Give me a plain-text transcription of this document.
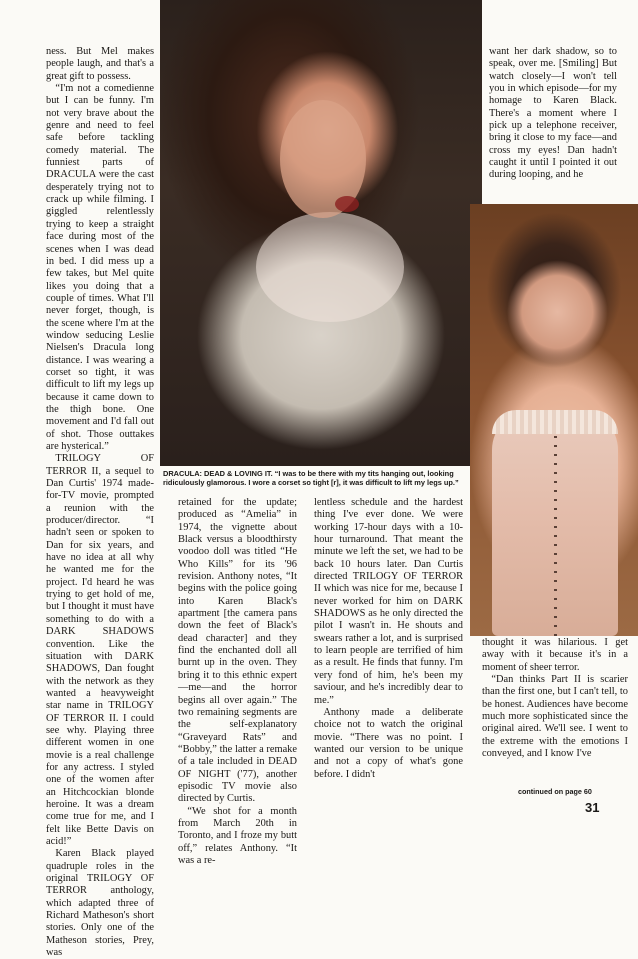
DRACULA: DEAD & LOVING IT. “I was to be there with my tits hanging out, looking ridiculously glamorous. I wore a corset so tight [r], it was difficult to lift my legs up.”

ness. But Mel makes people laugh, and that's a great gift to possess.

“I'm not a comedienne but I can be funny. I'm not very brave about the genre and need to feel safe before tackling comedy material. The funniest parts of DRACULA were the cast desperately trying not to crack up while filming. I giggled relentlessly trying to keep a straight face during most of the scenes when I was dead in bed. I did mess up a few takes, but Mel quite likes you doing that a couple of times. What I'll never forget, though, is the scene where I'm at the window seducing Leslie Nielsen's Dracula long distance. I was wearing a corset so tight, it was difficult to lift my legs up because it came down to the thigh bone. One movement and I'd fall out of shot. Those outtakes are hysterical.”

TRILOGY OF TERROR II, a sequel to Dan Curtis' 1974 made-for-TV movie, prompted a reunion with the producer/director. “I hadn't seen or spoken to Dan for six years, and have no idea at all why he wanted me for the project. I'd heard he was trying to get hold of me, but I thought it must have something to do with a DARK SHADOWS convention. Like the situation with DARK SHADOWS, Dan fought with the network as they wanted a heavyweight star name in TRILOGY OF TERROR II. I could see why. Playing three different women in one movie is a real challenge for any actress. I styled one of the women after an Hitchcockian blonde heroine. It was a dream come true for me, and I felt like Bette Davis on acid!”

Karen Black played quadruple roles in the original TRILOGY OF TERROR anthology, which adapted three of Richard Matheson's short stories. Only one of the Matheson stories, Prey, was

retained for the update; produced as “Amelia” in 1974, the vignette about Black versus a bloodthirsty voodoo doll was titled “He Who Kills” for its '96 revision. Anthony notes, “It begins with the police going into Karen Black's apartment [the camera pans down the feet of Black's dead character] and they find the enchanted doll all burnt up in the oven. They bring it to this ethnic expert—me—and the horror begins all over again.” The two remaining segments are the self-explanatory “Graveyard Rats” and “Bobby,” the latter a remake of a tale included in DEAD OF NIGHT ('77), another episodic TV movie also directed by Curtis.

“We shot for a month from March 20th in Toronto, and I froze my butt off,” relates Anthony. “It was a re-

lentless schedule and the hardest thing I've ever done. We were working 17-hour days with a 10-hour turnaround. That meant the minute we left the set, we had to be back 10 hours later. Dan Curtis directed TRILOGY OF TERROR II which was nice for me, because I never worked for him on DARK SHADOWS as he only directed the pilot I wasn't in. He shouts and swears rather a lot, and is surprised to learn people are terrified of him as a result. He finds that funny. I'm very fond of him, he's been my saviour, and he's incredibly dear to me.”

Anthony made a deliberate choice not to watch the original movie. “There was no point. I wanted our version to be unique and not a copy of what's gone before. I didn't

want her dark shadow, so to speak, over me. [Smiling] But watch closely—I won't tell you in which episode—for my homage to Karen Black. There's a moment where I pick up a telephone receiver, bring it close to my face—and cross my eyes! Dan hadn't caught it until I pointed it out during looping, and he

thought it was hilarious. I get away with it because it's in a moment of sheer terror.

“Dan thinks Part II is scarier than the first one, but I can't tell, to be honest. Audiences have become much more sophisticated since the original aired. We'll see. I went to the extreme with the emotions I conveyed, and I know I've

continued on page 60
31
